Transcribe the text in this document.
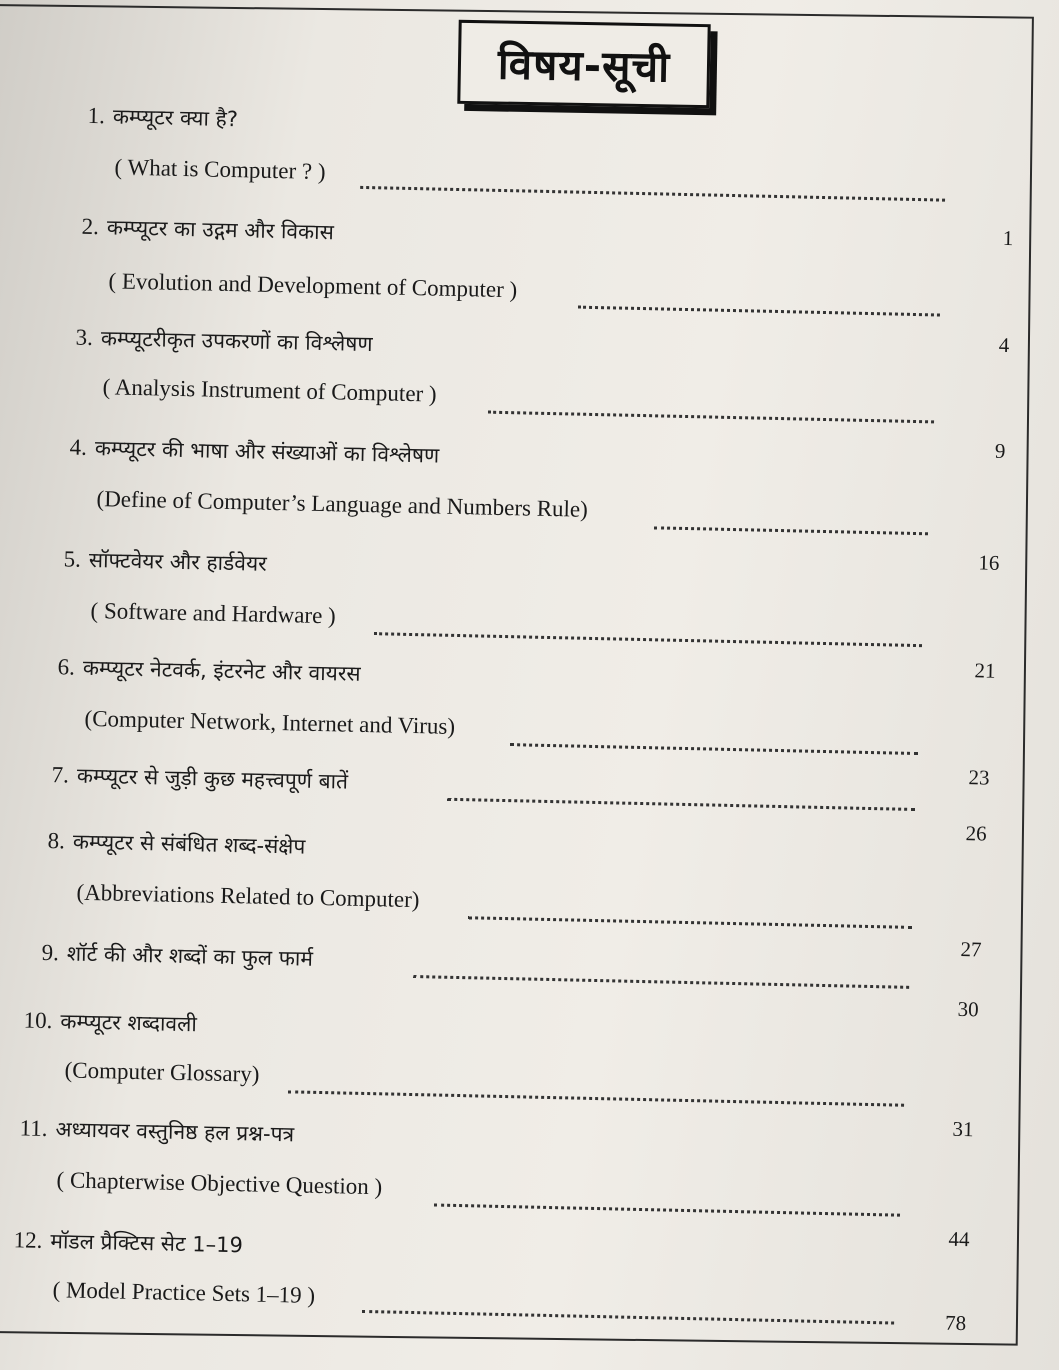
विषय-सूची
1. कम्प्यूटर क्या है?
( What is Computer ? )
1
2. कम्प्यूटर का उद्गम और विकास
( Evolution and Development of Computer )
4
3. कम्प्यूटरीकृत उपकरणों का विश्लेषण
( Analysis Instrument of Computer )
9
4. कम्प्यूटर की भाषा और संख्याओं का विश्लेषण
(Define of Computer’s Language and Numbers Rule)
16
5. सॉफ्टवेयर और हार्डवेयर
( Software and Hardware )
21
6. कम्प्यूटर नेटवर्क, इंटरनेट और वायरस
(Computer Network, Internet and Virus)
23
7. कम्प्यूटर से जुड़ी कुछ महत्त्वपूर्ण बातें
26
8. कम्प्यूटर से संबंधित शब्द-संक्षेप
(Abbreviations Related to Computer)
27
9. शॉर्ट की और शब्दों का फुल फार्म
30
10. कम्प्यूटर शब्दावली
(Computer Glossary)
31
11. अध्यायवर वस्तुनिष्ठ हल प्रश्न-पत्र
( Chapterwise Objective Question )
44
12. मॉडल प्रैक्टिस सेट 1–19
( Model Practice Sets 1–19 )
78
